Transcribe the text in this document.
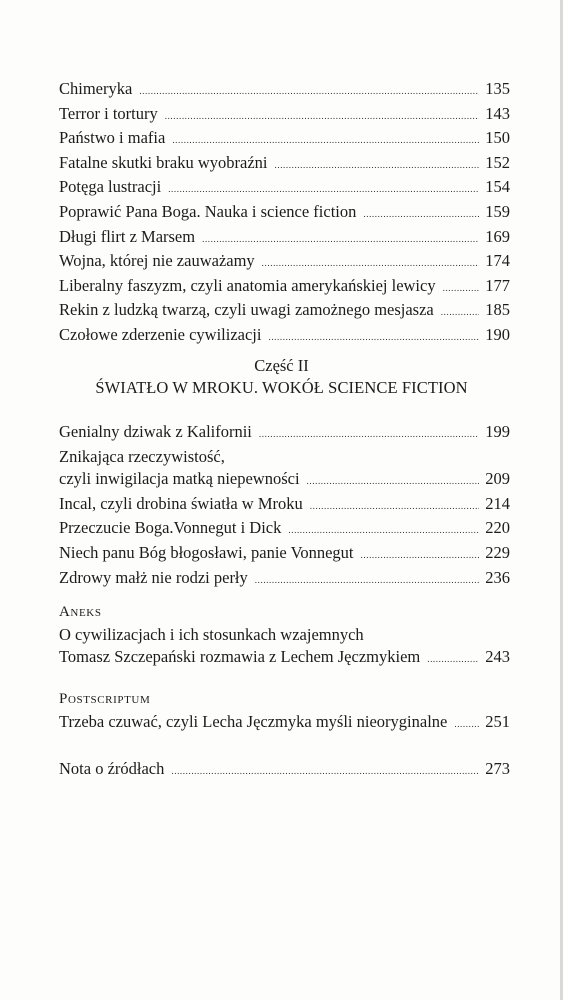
Chimeryka .....	135
Terror i tortury .....	143
Państwo i mafia .....	150
Fatalne skutki braku wyobraźni .....	152
Potęga lustracji .....	154
Poprawić Pana Boga. Nauka i science fiction .....	159
Długi flirt z Marsem .....	169
Wojna, której nie zauważamy .....	174
Liberalny faszyzm, czyli anatomia amerykańskiej lewicy .....	177
Rekin z ludzką twarzą, czyli uwagi zamożnego mesjasza .....	185
Czołowe zderzenie cywilizacji .....	190
Część II
ŚWIATŁO W MROKU. WOKÓŁ SCIENCE FICTION
Genialny dziwak z Kalifornii .....	199
Znikająca rzeczywistość,
czyli inwigilacja matką niepewności .....	209
Incal, czyli drobina światła w Mroku .....	214
Przeczucie Boga.Vonnegut i Dick .....	220
Niech panu Bóg błogosławi, panie Vonnegut .....	229
Zdrowy małż nie rodzi perły .....	236
Aneks
O cywilizacjach i ich stosunkach wzajemnych
Tomasz Szczepański rozmawia z Lechem Jęczmykiem .....	243
Postscriptum
Trzeba czuwać, czyli Lecha Jęczmyka myśli nieoryginalne ..... 251
Nota o źródłach .....	273
